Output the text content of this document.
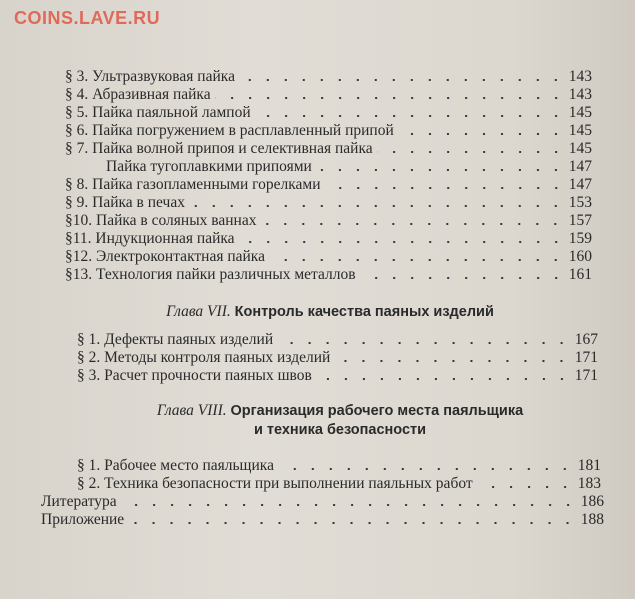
COINS.LAVE.RU
§ 3. Ультразвуковая пайка	143
§ 4. Абразивная пайка	143
§ 5. Пайка паяльной лампой	145
§ 6. Пайка погружением в расплавленный припой	145
§ 7. Пайка волной припоя и селективная пайка	145
Пайка тугоплавкими припоями	147
§ 8. Пайка газопламенными горелками	147
§ 9. Пайка в печах	153
§10. Пайка в соляных ваннах	157
§11. Индукционная пайка	159
§12. Электроконтактная пайка	160
§13. Технология пайки различных металлов	161
Глава VII. Контроль качества паяных изделий
§ 1. Дефекты паяных изделий	167
§ 2. Методы контроля паяных изделий	171
§ 3. Расчет прочности паяных швов	171
Глава VIII. Организация рабочего места паяльщика
и техника безопасности
§ 1. Рабочее место паяльщика	181
§ 2. Техника безопасности при выполнении паяльных работ	183
Литература	186
Приложение	188
